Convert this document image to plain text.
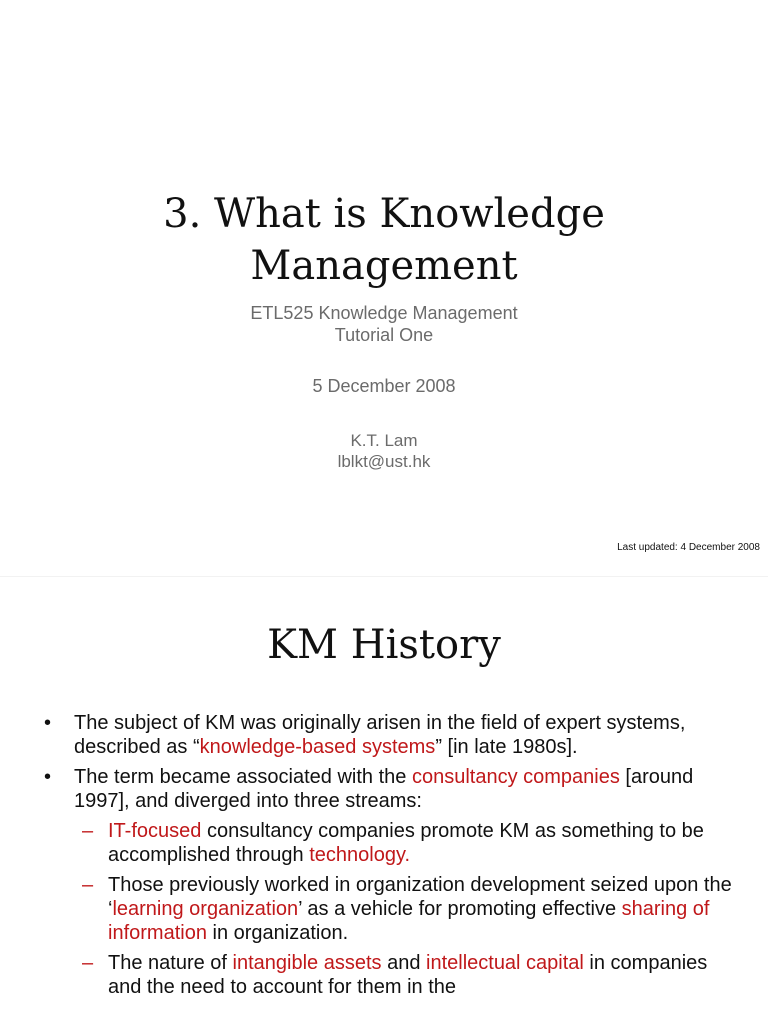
3. What is Knowledge
Management
ETL525 Knowledge Management
Tutorial One
5 December 2008
K.T. Lam
lblkt@ust.hk
Last updated: 4 December 2008
KM History
• The subject of KM was originally arisen in the field of expert systems, described as “knowledge-based systems” [in late 1980s].
• The term became associated with the consultancy companies [around 1997], and diverged into three streams:
– IT-focused consultancy companies promote KM as something to be accomplished through technology.
– Those previously worked in organization development seized upon the ‘learning organization’ as a vehicle for promoting effective sharing of information in organization.
– The nature of intangible assets and intellectual capital in companies and the need to account for them in the
